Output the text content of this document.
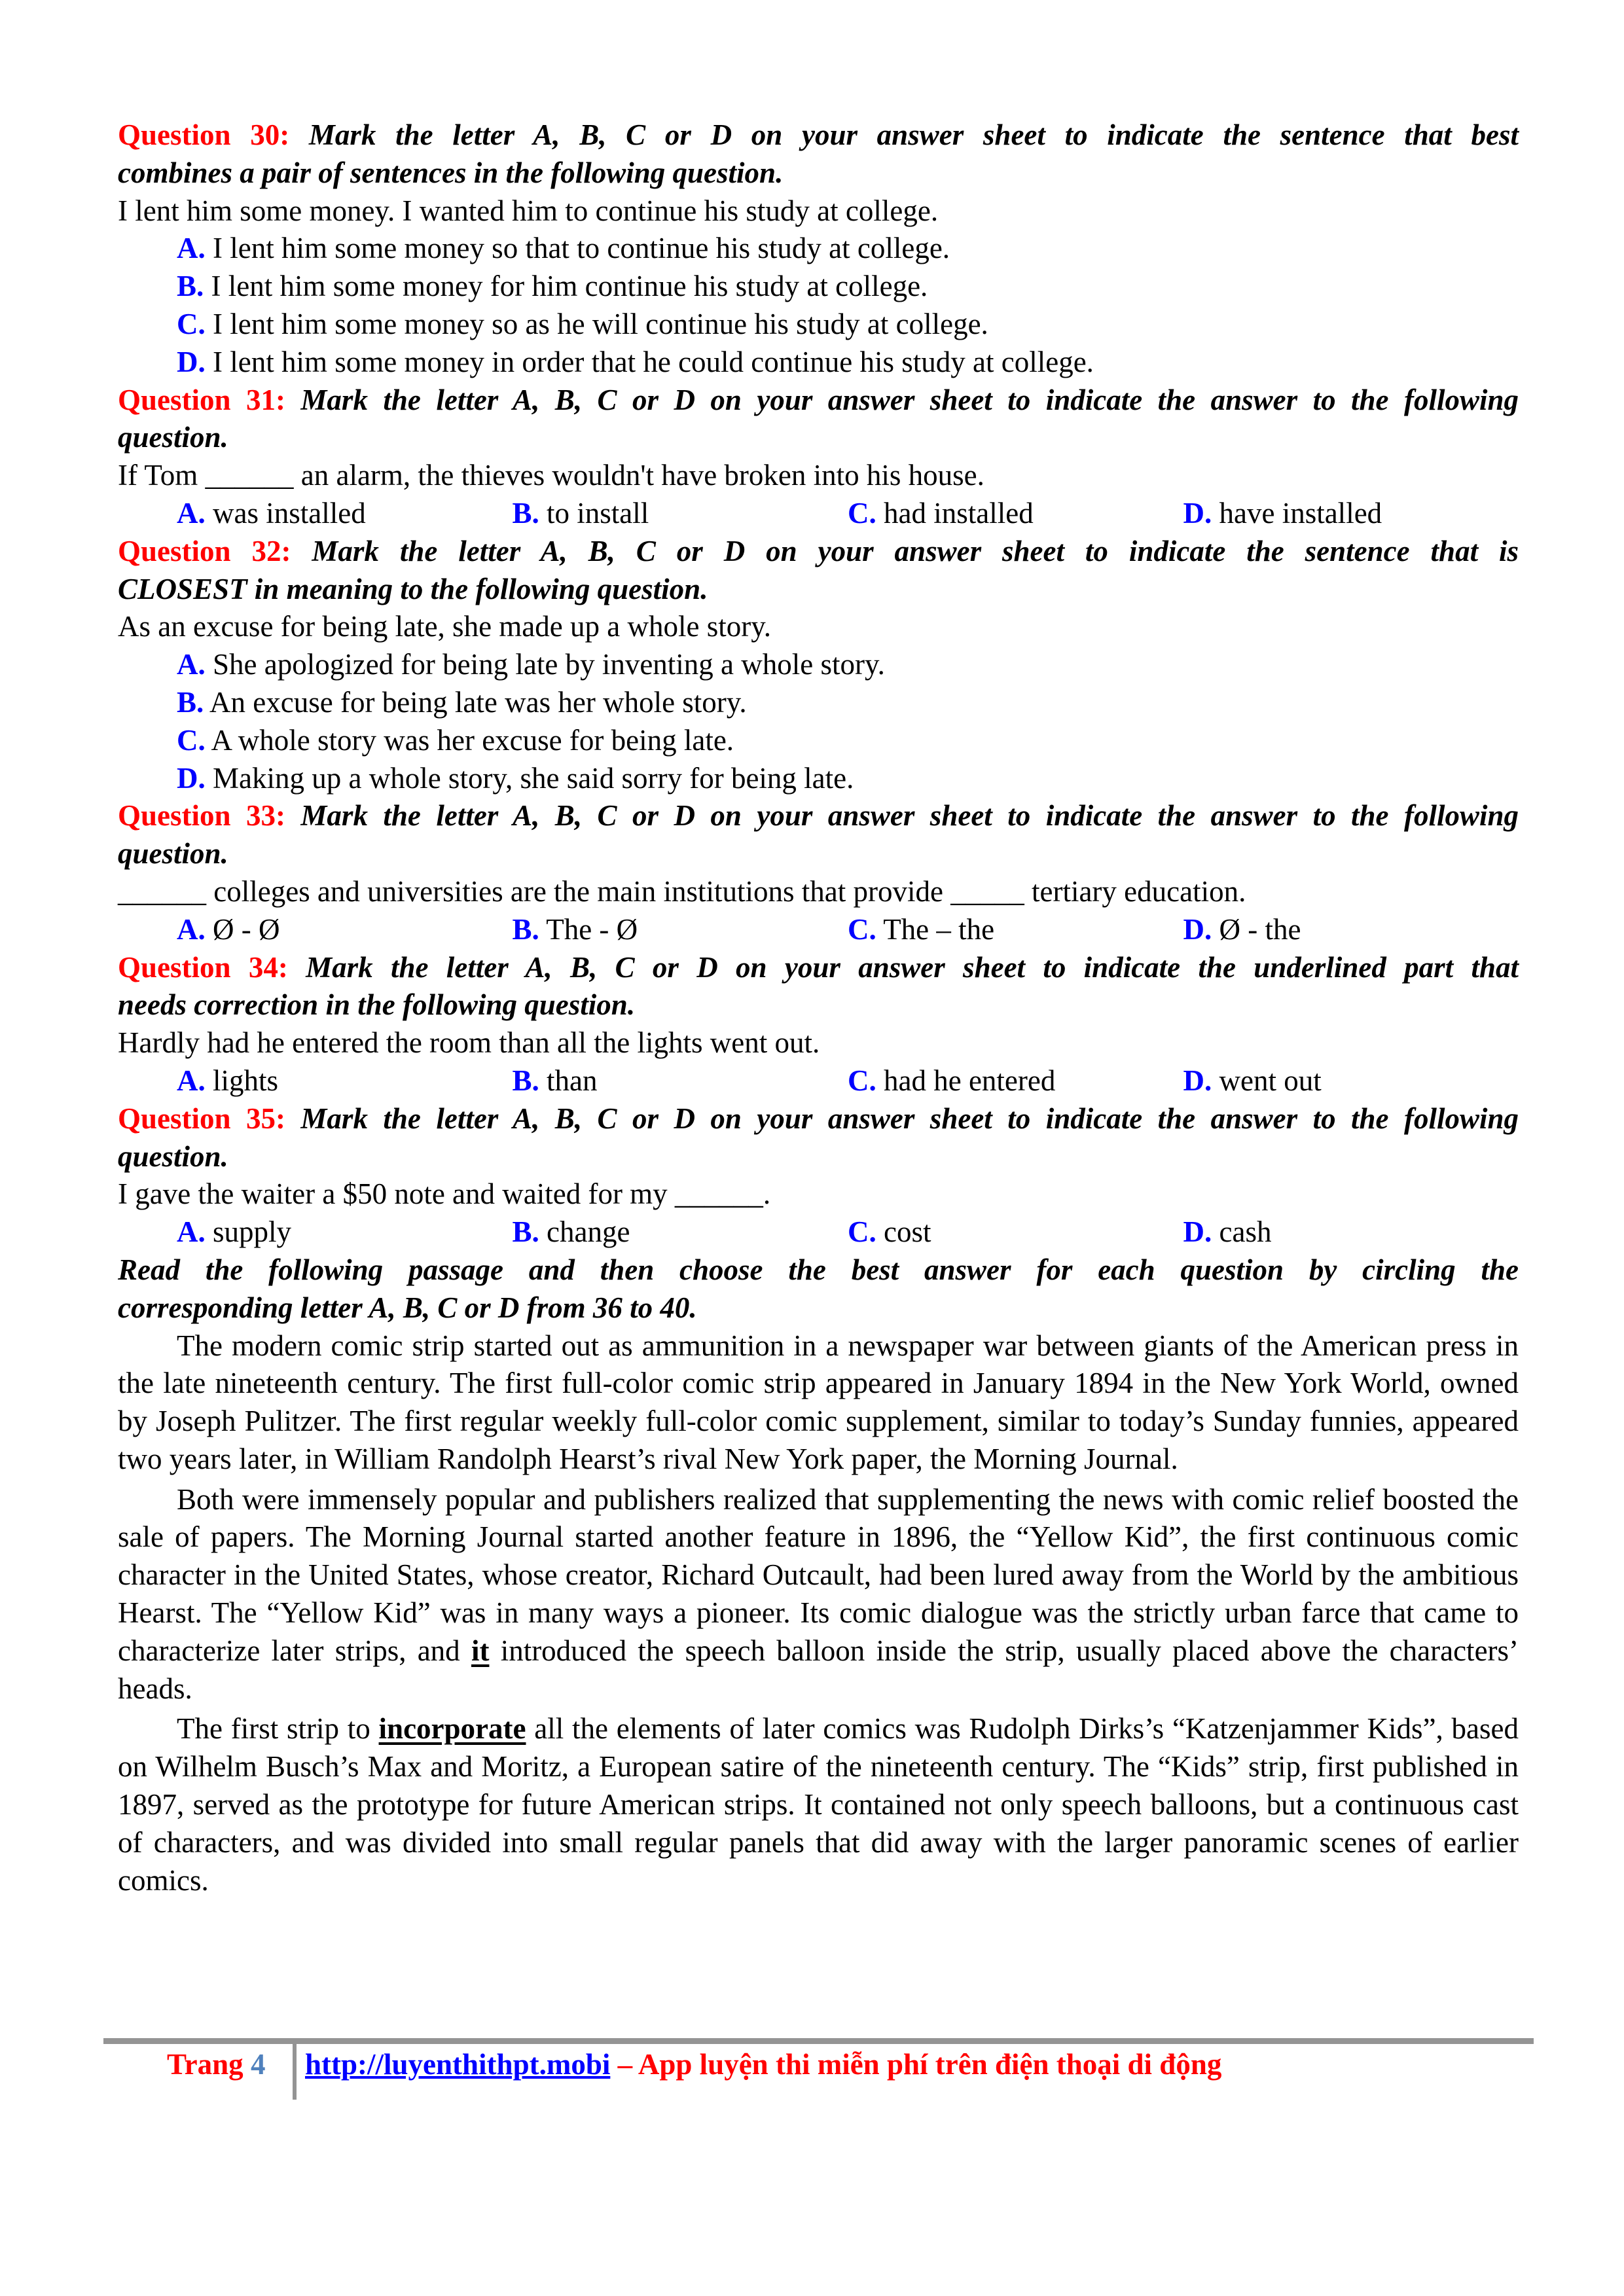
Question 30: Mark the letter A, B, C or D on your answer sheet to indicate the sentence that best
combines a pair of sentences in the following question.
I lent him some money. I wanted him to continue his study at college.
A. I lent him some money so that to continue his study at college.
B. I lent him some money for him continue his study at college.
C. I lent him some money so as he will continue his study at college.
D. I lent him some money in order that he could continue his study at college.
Question 31: Mark the letter A, B, C or D on your answer sheet to indicate the answer to the following
question.
If Tom ______ an alarm, the thieves wouldn't have broken into his house.
A. was installed	B. to install	C. had installed	D. have installed
Question 32: Mark the letter A, B, C or D on your answer sheet to indicate the sentence that is
CLOSEST in meaning to the following question.
As an excuse for being late, she made up a whole story.
A. She apologized for being late by inventing a whole story.
B. An excuse for being late was her whole story.
C. A whole story was her excuse for being late.
D. Making up a whole story, she said sorry for being late.
Question 33: Mark the letter A, B, C or D on your answer sheet to indicate the answer to the following
question.
______ colleges and universities are the main institutions that provide _____ tertiary education.
A. Ø - Ø	B. The - Ø	C. The – the	D. Ø - the
Question 34: Mark the letter A, B, C or D on your answer sheet to indicate the underlined part that
needs correction in the following question.
Hardly had he entered the room than all the lights went out.
A. lights	B. than	C. had he entered	D. went out
Question 35: Mark the letter A, B, C or D on your answer sheet to indicate the answer to the following
question.
I gave the waiter a $50 note and waited for my ______.
A. supply	B. change	C. cost	D. cash
Read the following passage and then choose the best answer for each question by circling the
corresponding letter A, B, C or D from 36 to 40.

The modern comic strip started out as ammunition in a newspaper war between giants of the American press in the late nineteenth century. The first full-color comic strip appeared in January 1894 in the New York World, owned by Joseph Pulitzer. The first regular weekly full-color comic supplement, similar to today’s Sunday funnies, appeared two years later, in William Randolph Hearst’s rival New York paper, the Morning Journal.

Both were immensely popular and publishers realized that supplementing the news with comic relief boosted the sale of papers. The Morning Journal started another feature in 1896, the “Yellow Kid”, the first continuous comic character in the United States, whose creator, Richard Outcault, had been lured away from the World by the ambitious Hearst. The “Yellow Kid” was in many ways a pioneer. Its comic dialogue was the strictly urban farce that came to characterize later strips, and it introduced the speech balloon inside the strip, usually placed above the characters’ heads.

The first strip to incorporate all the elements of later comics was Rudolph Dirks’s “Katzenjammer Kids”, based on Wilhelm Busch’s Max and Moritz, a European satire of the nineteenth century. The “Kids” strip, first published in 1897, served as the prototype for future American strips. It contained not only speech balloons, but a continuous cast of characters, and was divided into small regular panels that did away with the larger panoramic scenes of earlier comics.

Trang 4 http://luyenthithpt.mobi – App luyện thi miễn phí trên điện thoại di động
